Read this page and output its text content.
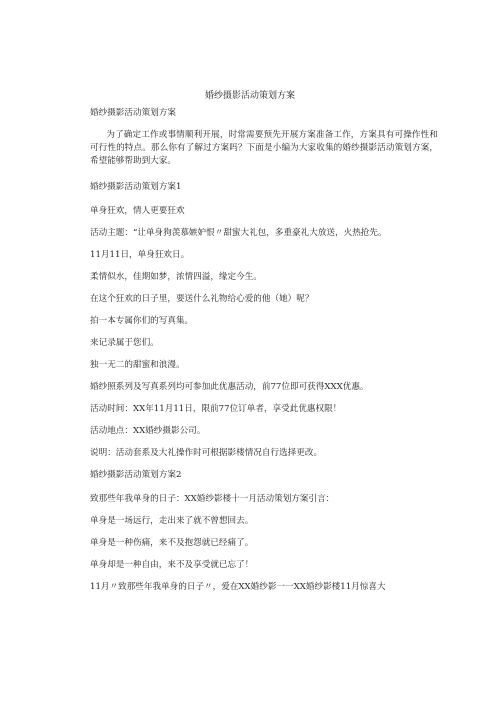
婚纱摄影活动策划方案

婚纱摄影活动策划方案

为了确定工作或事情顺利开展，时常需要预先开展方案准备工作，方案具有可操作性和可行性的特点。那么你有了解过方案吗？下面是小编为大家收集的婚纱摄影活动策划方案，希望能够帮助到大家。

婚纱摄影活动策划方案1

单身狂欢，情人更要狂欢

活动主题：“让单身狗羡慕嫉妒恨〃甜蜜大礼包，多重豪礼大放送，火热抢先。

11月11日，单身狂欢日。

柔情似水，佳期如梦，浓情四溢，缘定今生。

在这个狂欢的日子里，要送什么礼物给心爱的他（她）呢？

拍一本专属你们的写真集。

来记录属于您们。

独一无二的甜蜜和浪漫。

婚纱照系列及写真系列均可参加此优惠活动，前77位即可获得XXX优惠。

活动时间：XX年11月11日，限前77位订单者，享受此优惠权限！

活动地点：XX婚纱摄影公司。

说明：活动套系及大礼操作时可根据影楼情况自行选择更改。

婚纱摄影活动策划方案2

致那些年我单身的日子：XX婚纱影楼十一月活动策划方案引言：

单身是一场远行，走出来了就不曾想回去。

单身是一种伤痛，来不及抱怨就已经痛了。

单身却是一种自由，来不及享受就已忘了！

11月〃致那些年我单身的日子〃，爱在XX婚纱影一一XX婚纱影楼11月惊喜大
